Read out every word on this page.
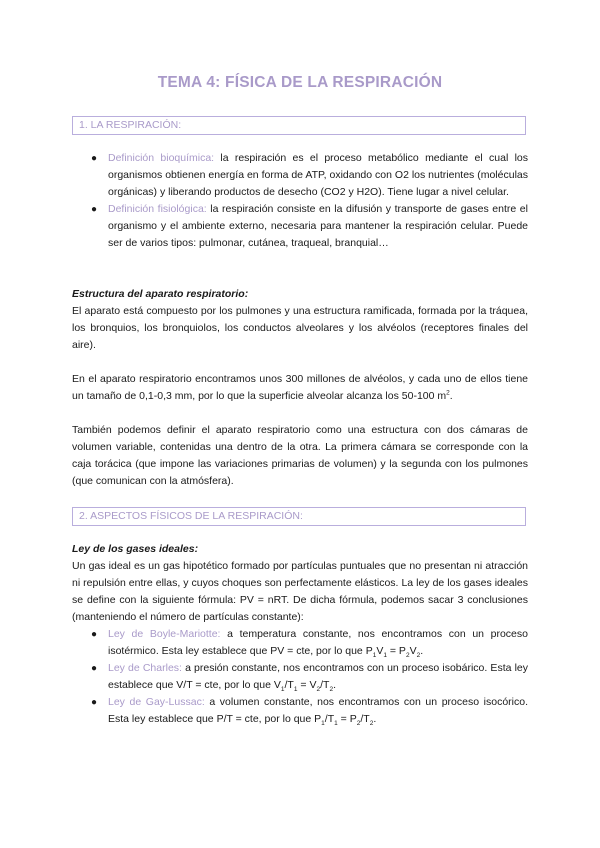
TEMA 4: FÍSICA DE LA RESPIRACIÓN
1. LA RESPIRACIÓN:
● Definición bioquímica: la respiración es el proceso metabólico mediante el cual los organismos obtienen energía en forma de ATP, oxidando con O2 los nutrientes (moléculas orgánicas) y liberando productos de desecho (CO2 y H2O). Tiene lugar a nivel celular.
● Definición fisiológica: la respiración consiste en la difusión y transporte de gases entre el organismo y el ambiente externo, necesaria para mantener la respiración celular. Puede ser de varios tipos: pulmonar, cutánea, traqueal, branquial…
Estructura del aparato respiratorio:
El aparato está compuesto por los pulmones y una estructura ramificada, formada por la tráquea, los bronquios, los bronquiolos, los conductos alveolares y los alvéolos (receptores finales del aire).
En el aparato respiratorio encontramos unos 300 millones de alvéolos, y cada uno de ellos tiene un tamaño de 0,1-0,3 mm, por lo que la superficie alveolar alcanza los 50-100 $m^2$.
También podemos definir el aparato respiratorio como una estructura con dos cámaras de volumen variable, contenidas una dentro de la otra. La primera cámara se corresponde con la caja torácica (que impone las variaciones primarias de volumen) y la segunda con los pulmones (que comunican con la atmósfera).
2. ASPECTOS FÍSICOS DE LA RESPIRACIÓN:
Ley de los gases ideales:
Un gas ideal es un gas hipotético formado por partículas puntuales que no presentan ni atracción ni repulsión entre ellas, y cuyos choques son perfectamente elásticos. La ley de los gases ideales se define con la siguiente fórmula: PV = nRT. De dicha fórmula, podemos sacar 3 conclusiones (manteniendo el número de partículas constante):
● Ley de Boyle-Mariotte: a temperatura constante, nos encontramos con un proceso isotérmico. Esta ley establece que PV = cte, por lo que $P_1V_1 = P_2V_2$.
● Ley de Charles: a presión constante, nos encontramos con un proceso isobárico. Esta ley establece que V/T = cte, por lo que $V_1/T_1 = V_2/T_2$.
● Ley de Gay-Lussac: a volumen constante, nos encontramos con un proceso isocórico. Esta ley establece que P/T = cte, por lo que $P_1/T_1 = P_2/T_2$.
